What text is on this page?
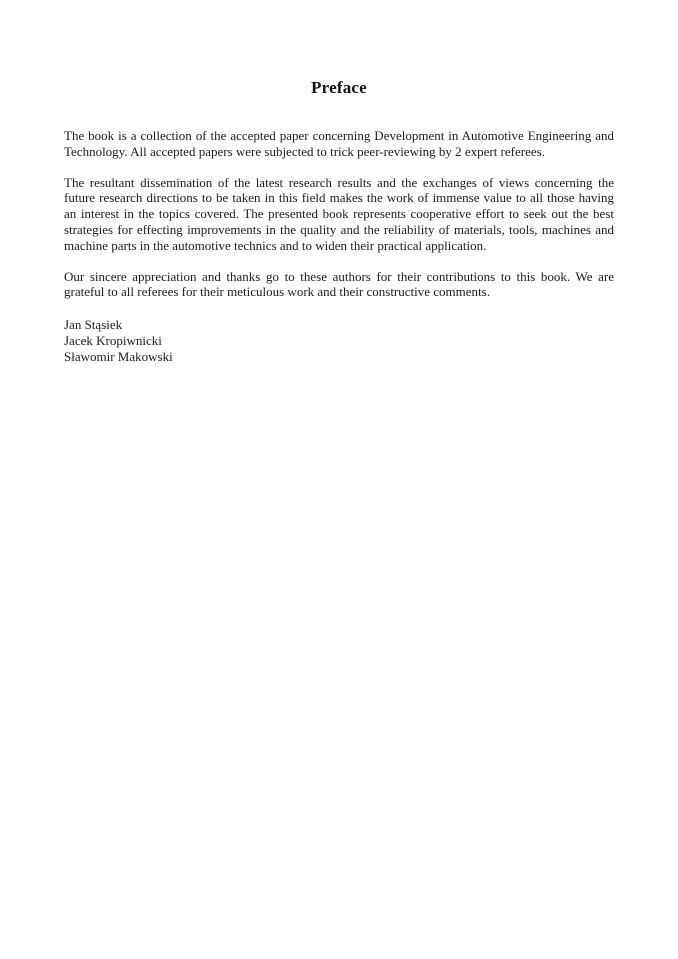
Preface

The book is a collection of the accepted paper concerning Development in Automotive Engineering and Technology. All accepted papers were subjected to trick peer-reviewing by 2 expert referees.

The resultant dissemination of the latest research results and the exchanges of views concerning the future research directions to be taken in this field makes the work of immense value to all those having an interest in the topics covered. The presented book represents cooperative effort to seek out the best strategies for effecting improvements in the quality and the reliability of materials, tools, machines and machine parts in the automotive technics and to widen their practical application.

Our sincere appreciation and thanks go to these authors for their contributions to this book. We are grateful to all referees for their meticulous work and their constructive comments.

Jan Stąsiek

Jacek Kropiwnicki

Sławomir Makowski
